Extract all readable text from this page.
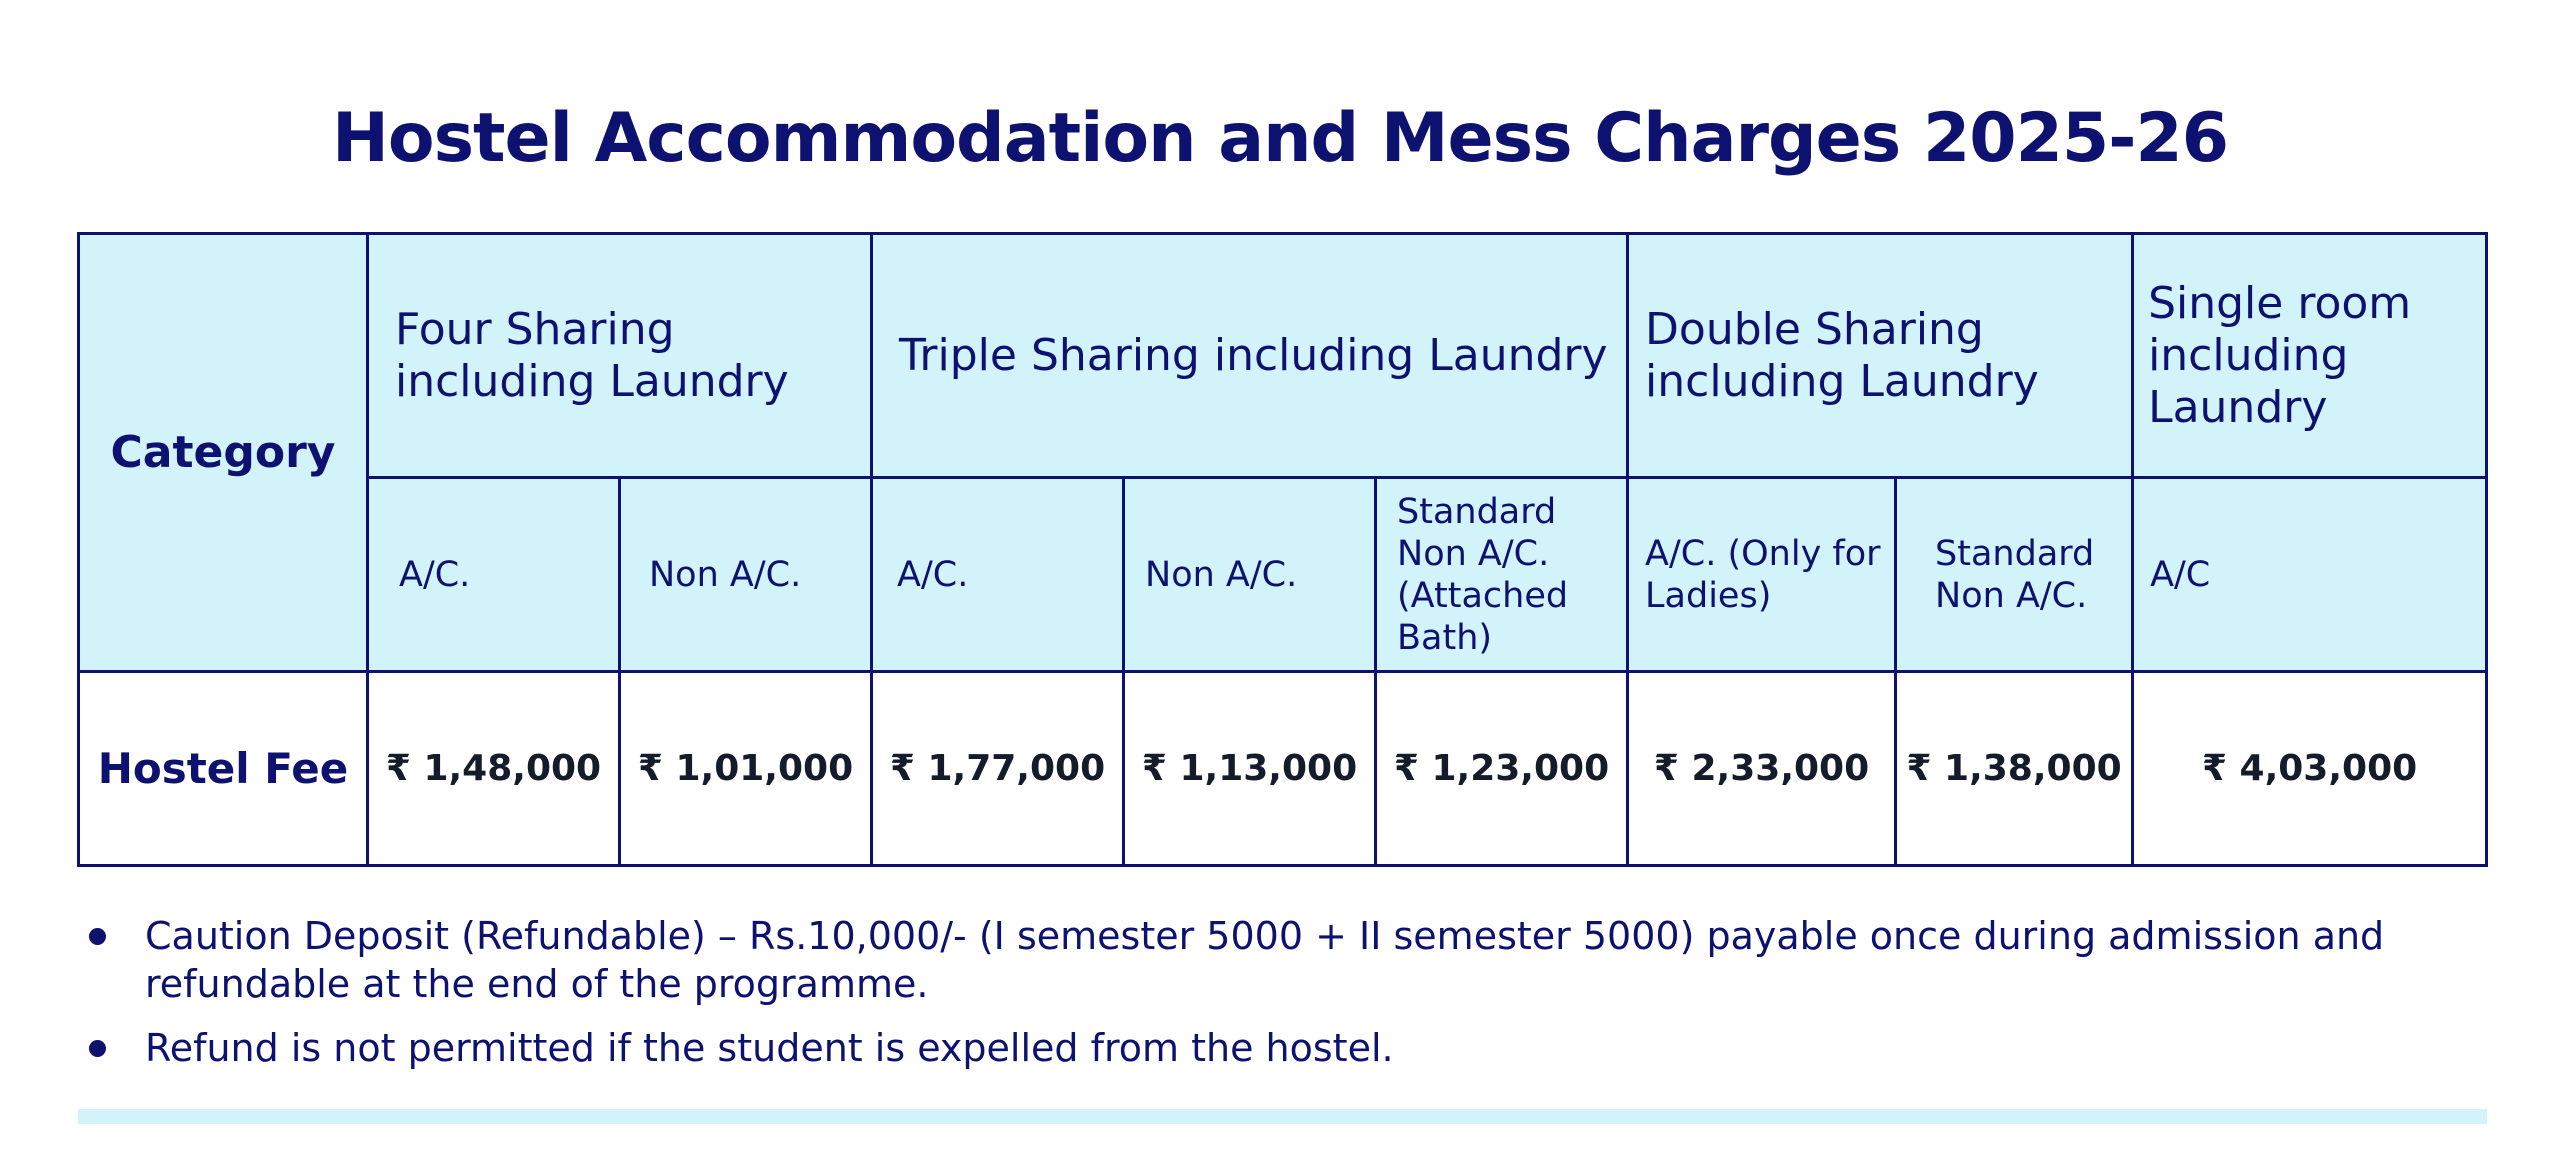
Hostel Accommodation and Mess Charges 2025-26
Category	Four Sharing including Laundry		Triple Sharing including Laundry			Double Sharing including Laundry		Single room including Laundry
	A/C.	Non A/C.	A/C.	Non A/C.	Standard Non A/C. (Attached Bath)	A/C. (Only for Ladies)	Standard Non A/C.	A/C
Hostel Fee	₹ 1,48,000	₹ 1,01,000	₹ 1,77,000	₹ 1,13,000	₹ 1,23,000	₹ 2,33,000	₹ 1,38,000	₹ 4,03,000
Caution Deposit (Refundable) – Rs.10,000/- (I semester 5000 + II semester 5000) payable once during admission and refundable at the end of the programme.
Refund is not permitted if the student is expelled from the hostel.
